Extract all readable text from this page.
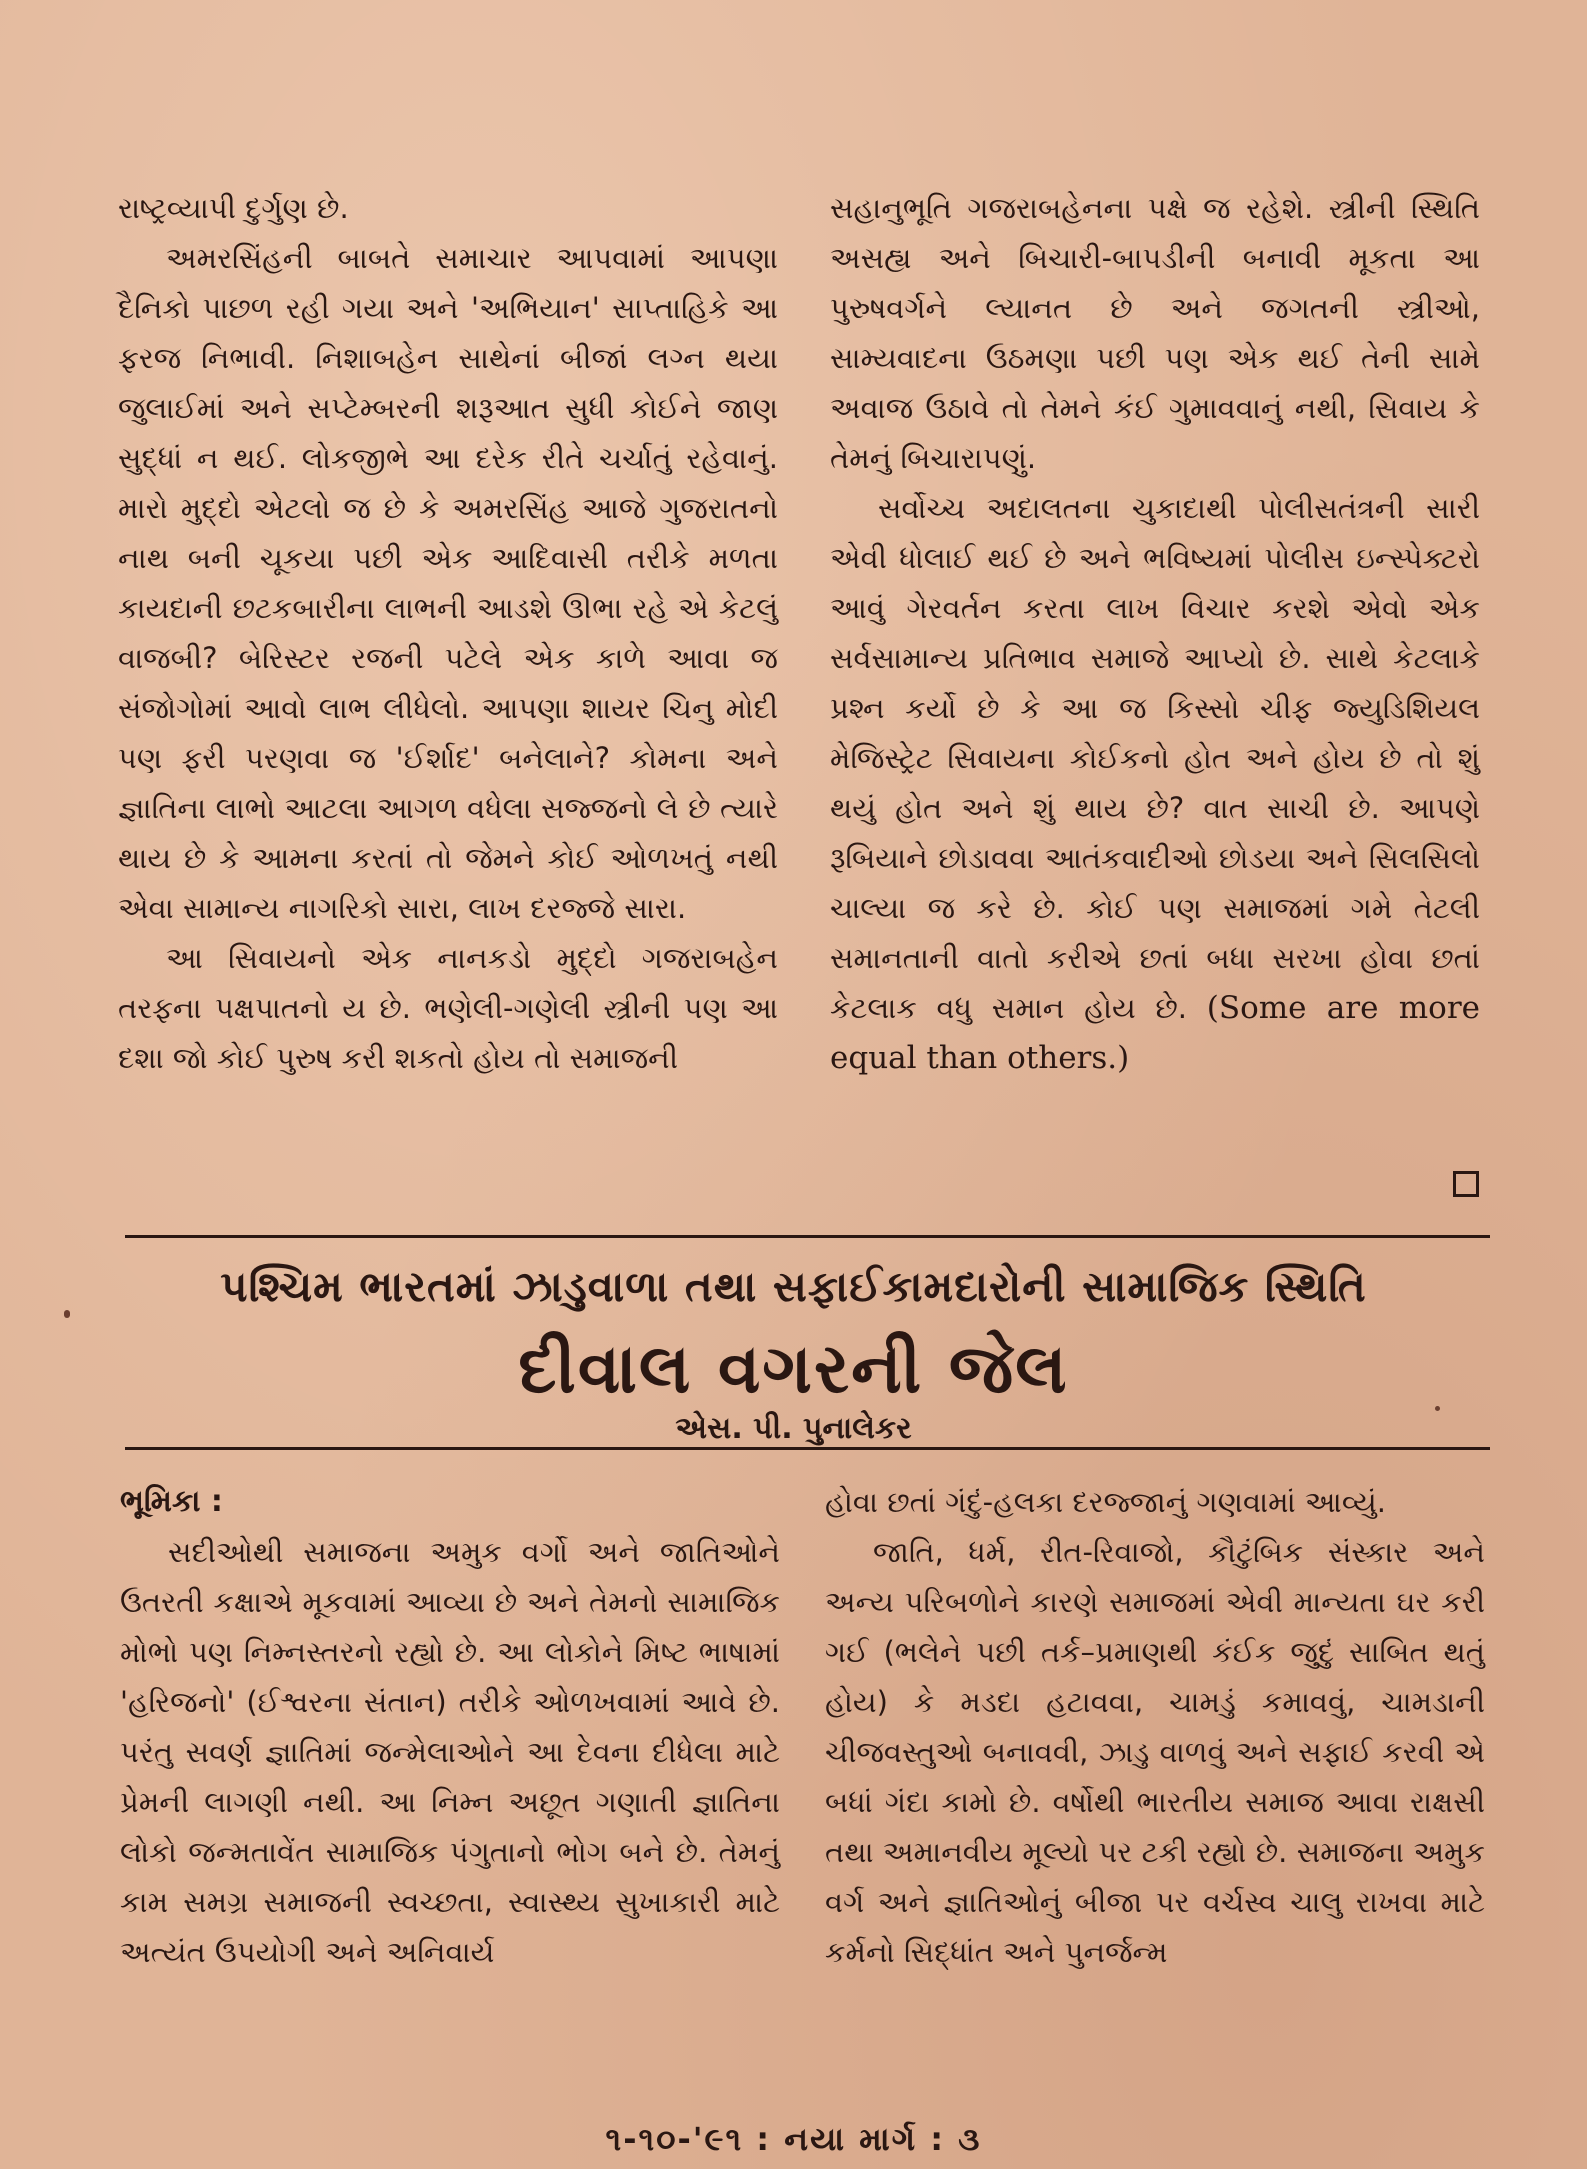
રાષ્ટ્રવ્યાપી દુર્ગુણ છે.

અમરસિંહની બાબતે સમાચાર આપવામાં આપણા દૈનિકો પાછળ રહી ગયા અને 'અભિયાન' સાપ્તાહિકે આ ફરજ નિભાવી. નિશાબહેન સાથેનાં બીજાં લગ્ન થયા જુલાઈમાં અને સપ્ટેમ્બરની શરૂઆત સુધી કોઈને જાણ સુદ્ધાં ન થઈ. લોકજીભે આ દરેક રીતે ચર્ચાતું રહેવાનું. મારો મુદ્દો એટલો જ છે કે અમરસિંહ આજે ગુજરાતનો નાથ બની ચૂકયા પછી એક આદિવાસી તરીકે મળતા કાયદાની છટકબારીના લાભની આડશે ઊભા રહે એ કેટલું વાજબી? બેરિસ્ટર રજની પટેલે એક કાળે આવા જ સંજોગોમાં આવો લાભ લીધેલો. આપણા શાયર ચિનુ મોદી પણ ફરી પરણવા જ 'ઈર્શાદ' બનેલાને? કોમના અને જ્ઞાતિના લાભો આટલા આગળ વધેલા સજ્જનો લે છે ત્યારે થાય છે કે આમના કરતાં તો જેમને કોઈ ઓળખતું નથી એવા સામાન્ય નાગરિકો સારા, લાખ દરજ્જે સારા.

આ સિવાયનો એક નાનકડો મુદ્દો ગજરાબહેન તરફના પક્ષપાતનો ય છે. ભણેલી-ગણેલી સ્ત્રીની પણ આ દશા જો કોઈ પુરુષ કરી શકતો હોય તો સમાજની

સહાનુભૂતિ ગજરાબહેનના પક્ષે જ રહેશે. સ્ત્રીની સ્થિતિ અસહ્ય અને બિચારી-બાપડીની બનાવી મૂકતા આ પુરુષવર્ગને લ્યાનત છે અને જગતની સ્ત્રીઓ, સામ્યવાદના ઉઠમણા પછી પણ એક થઈ તેની સામે અવાજ ઉઠાવે તો તેમને કંઈ ગુમાવવાનું નથી, સિવાય કે તેમનું બિચારાપણું.

સર્વોચ્ચ અદાલતના ચુકાદાથી પોલીસતંત્રની સારી એવી ધોલાઈ થઈ છે અને ભવિષ્યમાં પોલીસ ઇન્સ્પેક્ટરો આવું ગેરવર્તન કરતા લાખ વિચાર કરશે એવો એક સર્વસામાન્ય પ્રતિભાવ સમાજે આપ્યો છે. સાથે કેટલાકે પ્રશ્ન કર્યો છે કે આ જ કિસ્સો ચીફ જ્યુડિશિયલ મેજિસ્ટ્રેટ સિવાયના કોઈકનો હોત અને હોય છે તો શું થયું હોત અને શું થાય છે? વાત સાચી છે. આપણે રૂબિયાને છોડાવવા આતંકવાદીઓ છોડયા અને સિલસિલો ચાલ્યા જ કરે છે. કોઈ પણ સમાજમાં ગમે તેટલી સમાનતાની વાતો કરીએ છતાં બધા સરખા હોવા છતાં કેટલાક વધુ સમાન હોય છે. (Some are more equal than others.)

પશ્ચિમ ભારતમાં ઝાડુવાળા તથા સફાઈકામદારોની સામાજિક સ્થિતિ
દીવાલ વગરની જેલ
એસ. પી. પુનાલેકર

ભૂમિકા :

સદીઓથી સમાજના અમુક વર્ગો અને જાતિઓને ઉતરતી કક્ષાએ મૂકવામાં આવ્યા છે અને તેમનો સામાજિક મોભો પણ નિમ્નસ્તરનો રહ્યો છે. આ લોકોને મિષ્ટ ભાષામાં 'હરિજનો' (ઈશ્વરના સંતાન) તરીકે ઓળખવામાં આવે છે. પરંતુ સવર્ણ જ્ઞાતિમાં જન્મેલાઓને આ દેવના દીધેલા માટે પ્રેમની લાગણી નથી. આ નિમ્ન અછૂત ગણાતી જ્ઞાતિના લોકો જન્મતાવેંત સામાજિક પંગુતાનો ભોગ બને છે. તેમનું કામ સમગ્ર સમાજની સ્વચ્છતા, સ્વાસ્થ્ય સુખાકારી માટે અત્યંત ઉપયોગી અને અનિવાર્ય

હોવા છતાં ગંદું-હલકા દરજ્જાનું ગણવામાં આવ્યું.

જાતિ, ધર્મ, રીત-રિવાજો, કૌટુંબિક સંસ્કાર અને અન્ય પરિબળોને કારણે સમાજમાં એવી માન્યતા ઘર કરી ગઈ (ભલેને પછી તર્ક–પ્રમાણથી કંઈક જુદું સાબિત થતું હોય) કે મડદા હટાવવા, ચામડું કમાવવું, ચામડાની ચીજવસ્તુઓ બનાવવી, ઝાડુ વાળવું અને સફાઈ કરવી એ બધાં ગંદા કામો છે. વર્ષોથી ભારતીય સમાજ આવા રાક્ષસી તથા અમાનવીય મૂલ્યો પર ટકી રહ્યો છે. સમાજના અમુક વર્ગ અને જ્ઞાતિઓનું બીજા પર વર્ચસ્વ ચાલુ રાખવા માટે કર્મનો સિદ્ધાંત અને પુનર્જન્મ

૧-૧૦-'૯૧ : નયા માર્ગ : ૩
